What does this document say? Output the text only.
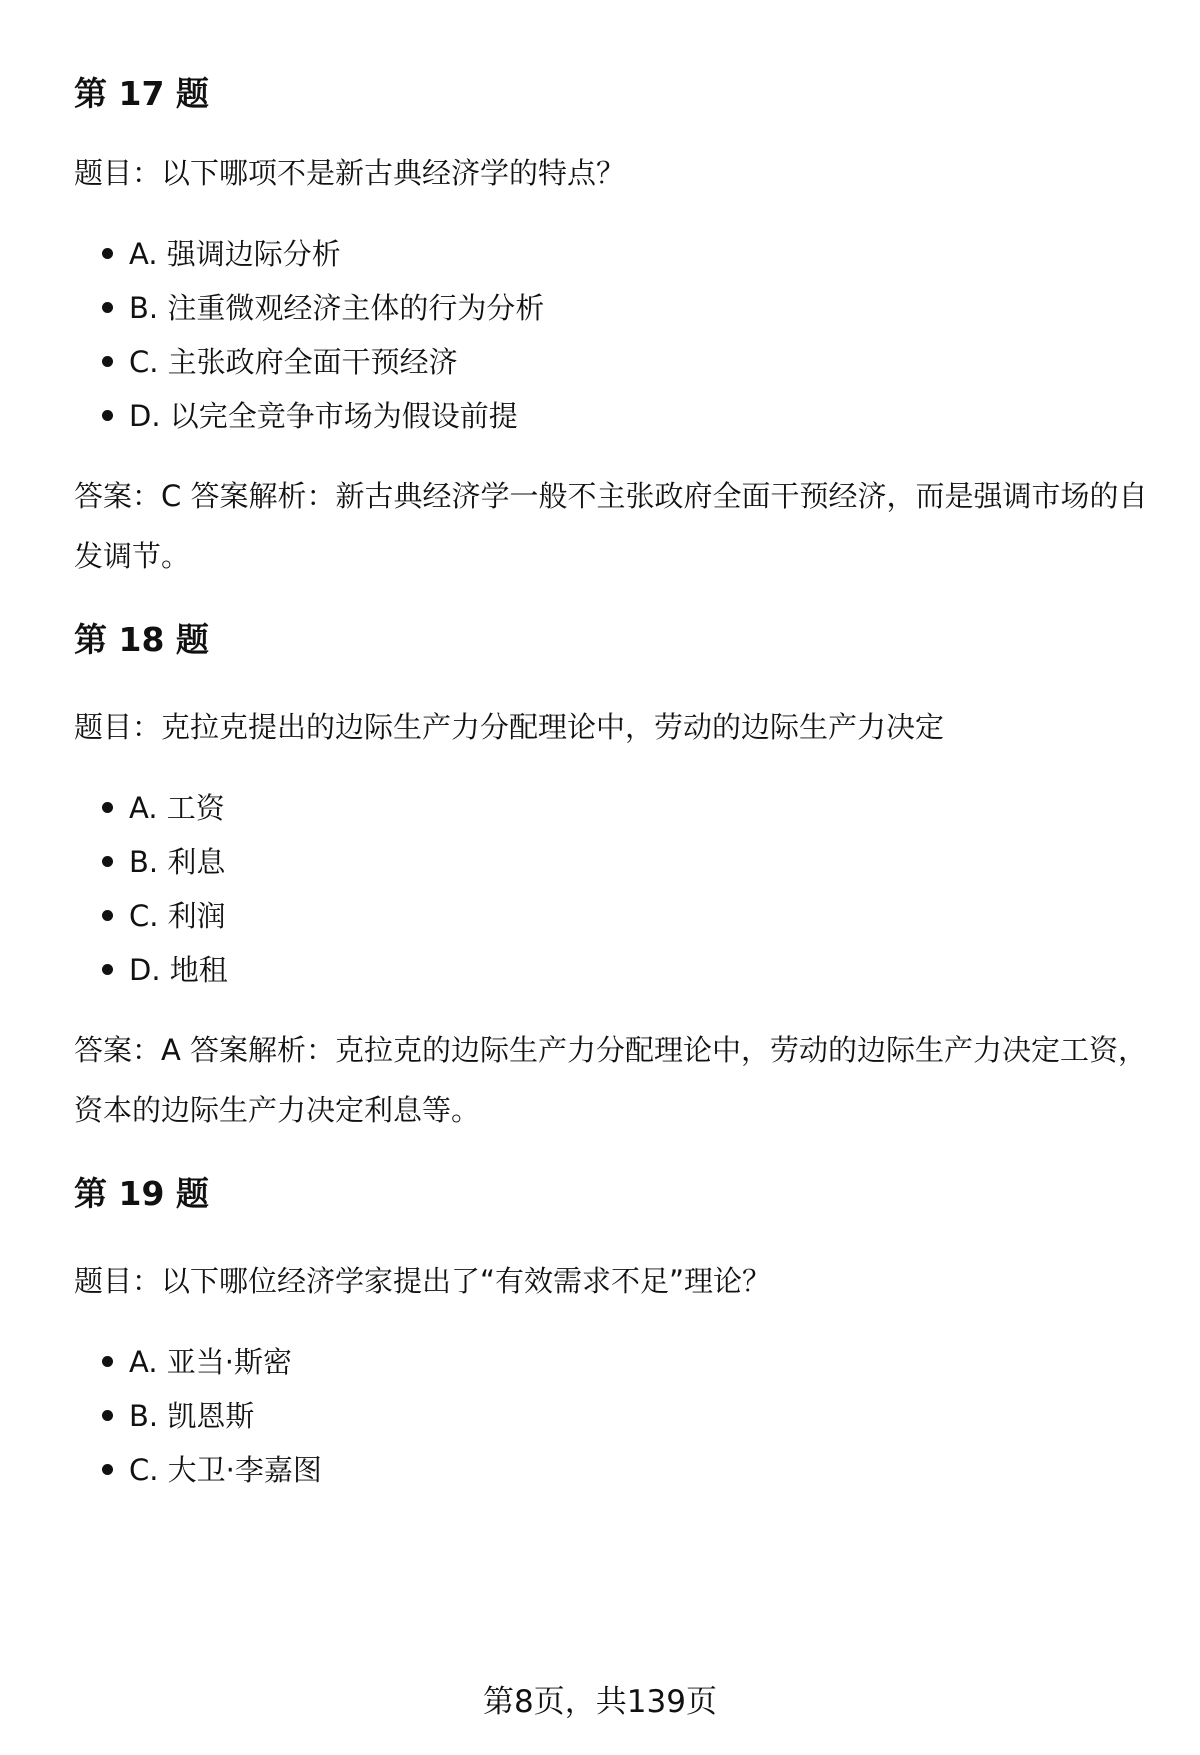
第 17 题
题目：以下哪项不是新古典经济学的特点？
A. 强调边际分析
B. 注重微观经济主体的行为分析
C. 主张政府全面干预经济
D. 以完全竞争市场为假设前提
答案：C 答案解析：新古典经济学一般不主张政府全面干预经济，而是强调市场的自发调节。
第 18 题
题目：克拉克提出的边际生产力分配理论中，劳动的边际生产力决定
A. 工资
B. 利息
C. 利润
D. 地租
答案：A 答案解析：克拉克的边际生产力分配理论中，劳动的边际生产力决定工资，资本的边际生产力决定利息等。
第 19 题
题目：以下哪位经济学家提出了“有效需求不足”理论？
A. 亚当·斯密
B. 凯恩斯
C. 大卫·李嘉图
第8页，共139页
